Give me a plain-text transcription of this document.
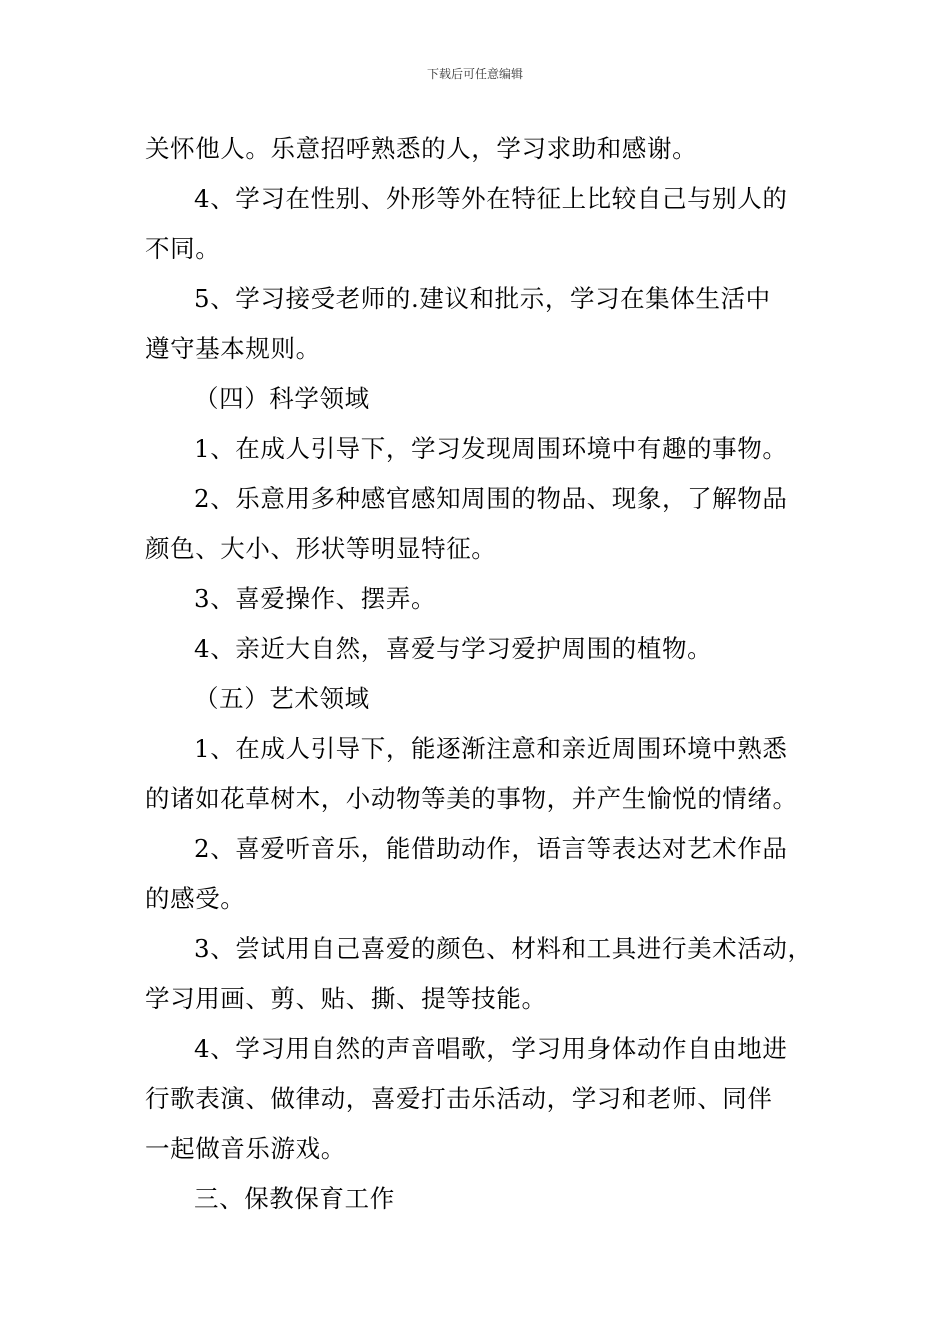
下载后可任意编辑
关怀他人。乐意招呼熟悉的人，学习求助和感谢。
4、学习在性别、外形等外在特征上比较自己与别人的
不同。
5、学习接受老师的.建议和批示，学习在集体生活中
遵守基本规则。
（四）科学领域
1、在成人引导下，学习发现周围环境中有趣的事物。
2、乐意用多种感官感知周围的物品、现象，了解物品
颜色、大小、形状等明显特征。
3、喜爱操作、摆弄。
4、亲近大自然，喜爱与学习爱护周围的植物。
（五）艺术领域
1、在成人引导下，能逐渐注意和亲近周围环境中熟悉
的诸如花草树木，小动物等美的事物，并产生愉悦的情绪。
2、喜爱听音乐，能借助动作，语言等表达对艺术作品
的感受。
3、尝试用自己喜爱的颜色、材料和工具进行美术活动，
学习用画、剪、贴、撕、提等技能。
4、学习用自然的声音唱歌，学习用身体动作自由地进
行歌表演、做律动，喜爱打击乐活动，学习和老师、同伴
一起做音乐游戏。
三、保教保育工作
